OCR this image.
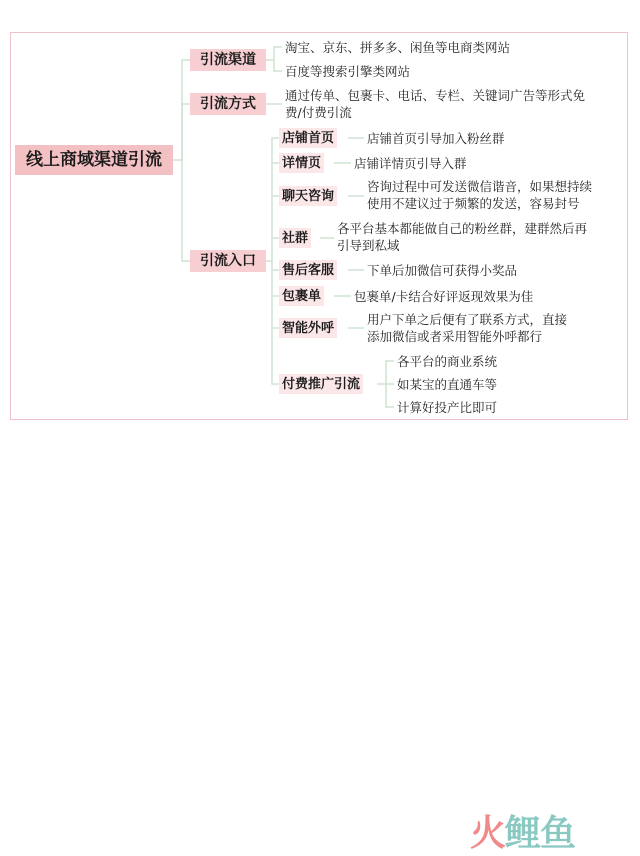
线上商域渠道引流
引流渠道
引流方式
引流入口
淘宝、京东、拼多多、闲鱼等电商类网站
百度等搜索引擎类网站
通过传单、包裹卡、电话、专栏、关键词广告等形式免
费/付费引流
店铺首页	店铺首页引导加入粉丝群
详情页	店铺详情页引导入群
聊天咨询
咨询过程中可发送微信谐音，如果想持续
使用不建议过于频繁的发送，容易封号
社群
各平台基本都能做自己的粉丝群，建群然后再
引导到私域
售后客服	下单后加微信可获得小奖品
包裹单	包裹单/卡结合好评返现效果为佳
智能外呼
用户下单之后便有了联系方式，直接
添加微信或者采用智能外呼都行
付费推广引流
各平台的商业系统
如某宝的直通车等
计算好投产比即可
火鲤鱼
